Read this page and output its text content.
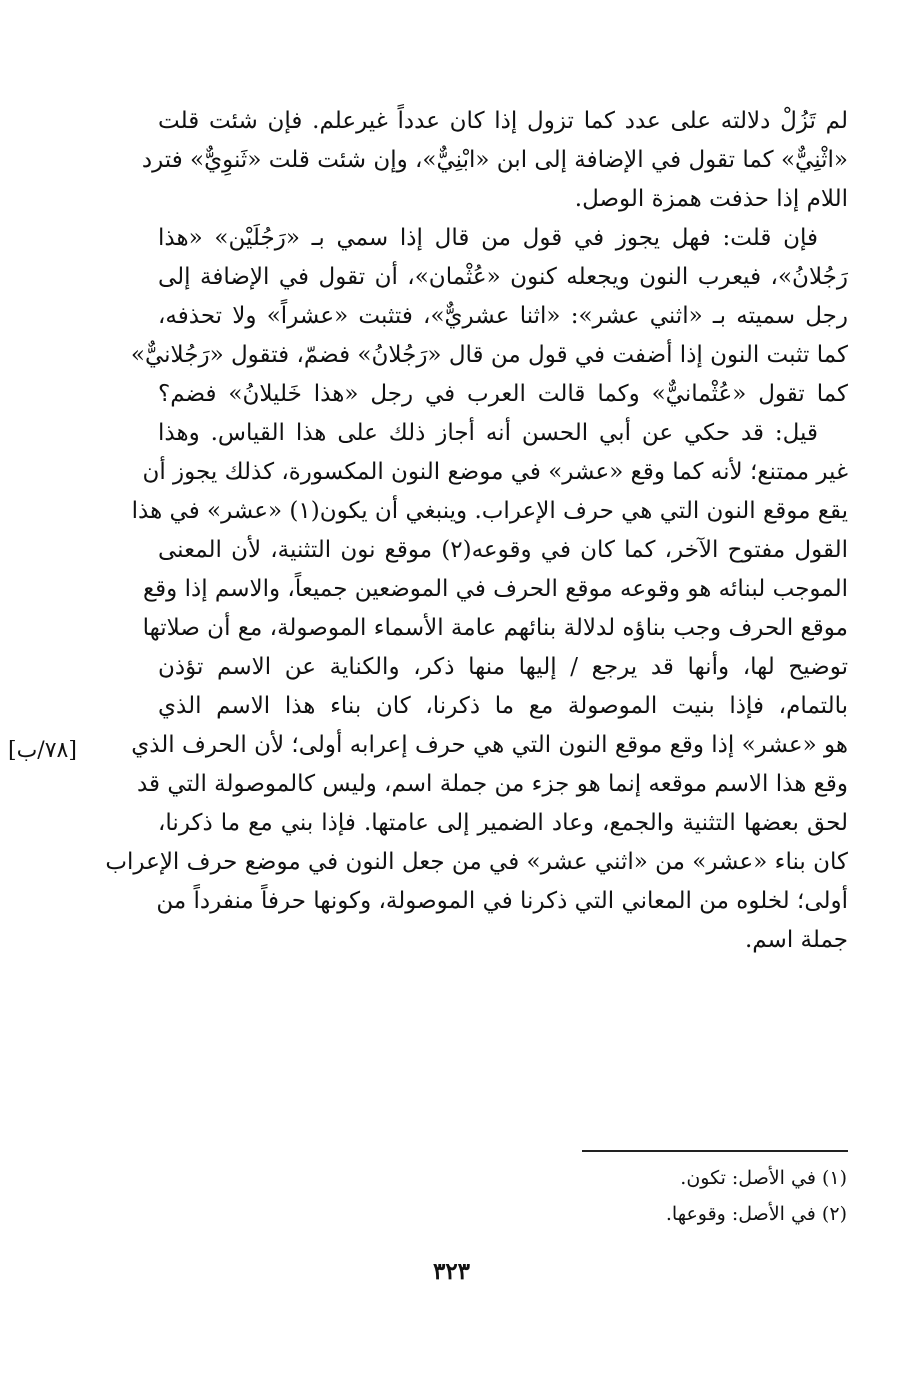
لم تَزُلْ دلالته على عدد كما تزول إذا كان عدداً غيرعلم. فإن شئت قلت
«اثْنِيٌّ» كما تقول في الإضافة إلى ابن «ابْنِيٌّ»، وإن شئت قلت «ثَنوِيٌّ» فترد
اللام إذا حذفت همزة الوصل.
فإن قلت: فهل يجوز في قول من قال إذا سمي بـ «رَجُلَيْن» «هذا
رَجُلانُ»، فيعرب النون ويجعله كنون «عُثْمان»، أن تقول في الإضافة إلى
رجل سميته بـ «اثني عشر»: «اثنا عشريٌّ»، فتثبت «عشراً» ولا تحذفه،
كما تثبت النون إذا أضفت في قول من قال «رَجُلانُ» فضمّ، فتقول «رَجُلانيٌّ»
كما تقول «عُثْمانيٌّ» وكما قالت العرب في رجل «هذا خَليلانُ» فضم؟
قيل: قد حكي عن أبي الحسن أنه أجاز ذلك على هذا القياس. وهذا
غير ممتنع؛ لأنه كما وقع «عشر» في موضع النون المكسورة، كذلك يجوز أن
يقع موقع النون التي هي حرف الإعراب. وينبغي أن يكون(١) «عشر» في هذا
القول مفتوح الآخر، كما كان في وقوعه(٢) موقع نون التثنية، لأن المعنى
الموجب لبنائه هو وقوعه موقع الحرف في الموضعين جميعاً، والاسم إذا وقع
موقع الحرف وجب بناؤه لدلالة بنائهم عامة الأسماء الموصولة، مع أن صلاتها
توضيح لها، وأنها قد يرجع / إليها منها ذكر، والكناية عن الاسم تؤذن
بالتمام، فإذا بنيت الموصولة مع ما ذكرنا، كان بناء هذا الاسم الذي
هو «عشر» إذا وقع موقع النون التي هي حرف إعرابه أولى؛ لأن الحرف الذي
وقع هذا الاسم موقعه إنما هو جزء من جملة اسم، وليس كالموصولة التي قد
لحق بعضها التثنية والجمع، وعاد الضمير إلى عامتها. فإذا بني مع ما ذكرنا،
كان بناء «عشر» من «اثني عشر» في من جعل النون في موضع حرف الإعراب
أولى؛ لخلوه من المعاني التي ذكرنا في الموصولة، وكونها حرفاً منفرداً من
جملة اسم.
[٧٨/ب]
(١) في الأصل: تكون.
(٢) في الأصل: وقوعها.
٣٢٣
